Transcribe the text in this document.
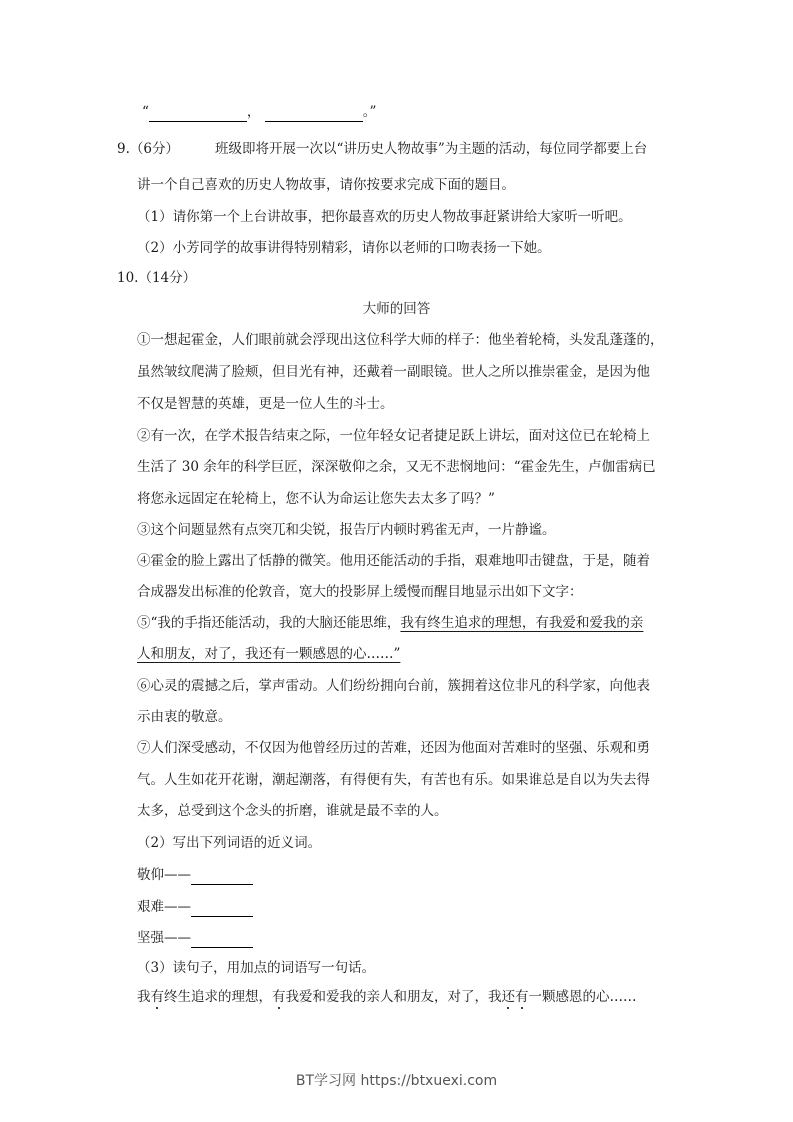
“	，	。”
9.（6分）	班级即将开展一次以“讲历史人物故事”为主题的活动，每位同学都要上台
讲一个自己喜欢的历史人物故事，请你按要求完成下面的题目。
（1）请你第一个上台讲故事，把你最喜欢的历史人物故事赶紧讲给大家听一听吧。
（2）小芳同学的故事讲得特别精彩，请你以老师的口吻表扬一下她。
10.（14分）
大师的回答
①一想起霍金，人们眼前就会浮现出这位科学大师的样子：他坐着轮椅，头发乱蓬蓬的，
虽然皱纹爬满了脸颊，但目光有神，还戴着一副眼镜。世人之所以推崇霍金，是因为他
不仅是智慧的英雄，更是一位人生的斗士。
②有一次，在学术报告结束之际，一位年轻女记者捷足跃上讲坛，面对这位已在轮椅上
生活了 30 余年的科学巨匠，深深敬仰之余，又无不悲悯地问：“霍金先生，卢伽雷病已
将您永远固定在轮椅上，您不认为命运让您失去太多了吗？”
③这个问题显然有点突兀和尖锐，报告厅内顿时鸦雀无声，一片静谧。
④霍金的脸上露出了恬静的微笑。他用还能活动的手指，艰难地叩击键盘，于是，随着
合成器发出标准的伦敦音，宽大的投影屏上缓慢而醒目地显示出如下文字：
⑤“我的手指还能活动，我的大脑还能思维，我有终生追求的理想，有我爱和爱我的亲
人和朋友，对了，我还有一颗感恩的心……”
⑥心灵的震撼之后，掌声雷动。人们纷纷拥向台前，簇拥着这位非凡的科学家，向他表
示由衷的敬意。
⑦人们深受感动，不仅因为他曾经历过的苦难，还因为他面对苦难时的坚强、乐观和勇
气。人生如花开花谢，潮起潮落，有得便有失，有苦也有乐。如果谁总是自以为失去得
太多，总受到这个念头的折磨，谁就是最不幸的人。
（2）写出下列词语的近义词。
敬仰——
艰难——
坚强——
（3）读句子，用加点的词语写一句话。
我有终生追求的理想，有我爱和爱我的亲人和朋友，对了，我还有一颗感恩的心……
BT学习网 https://btxuexi.com
